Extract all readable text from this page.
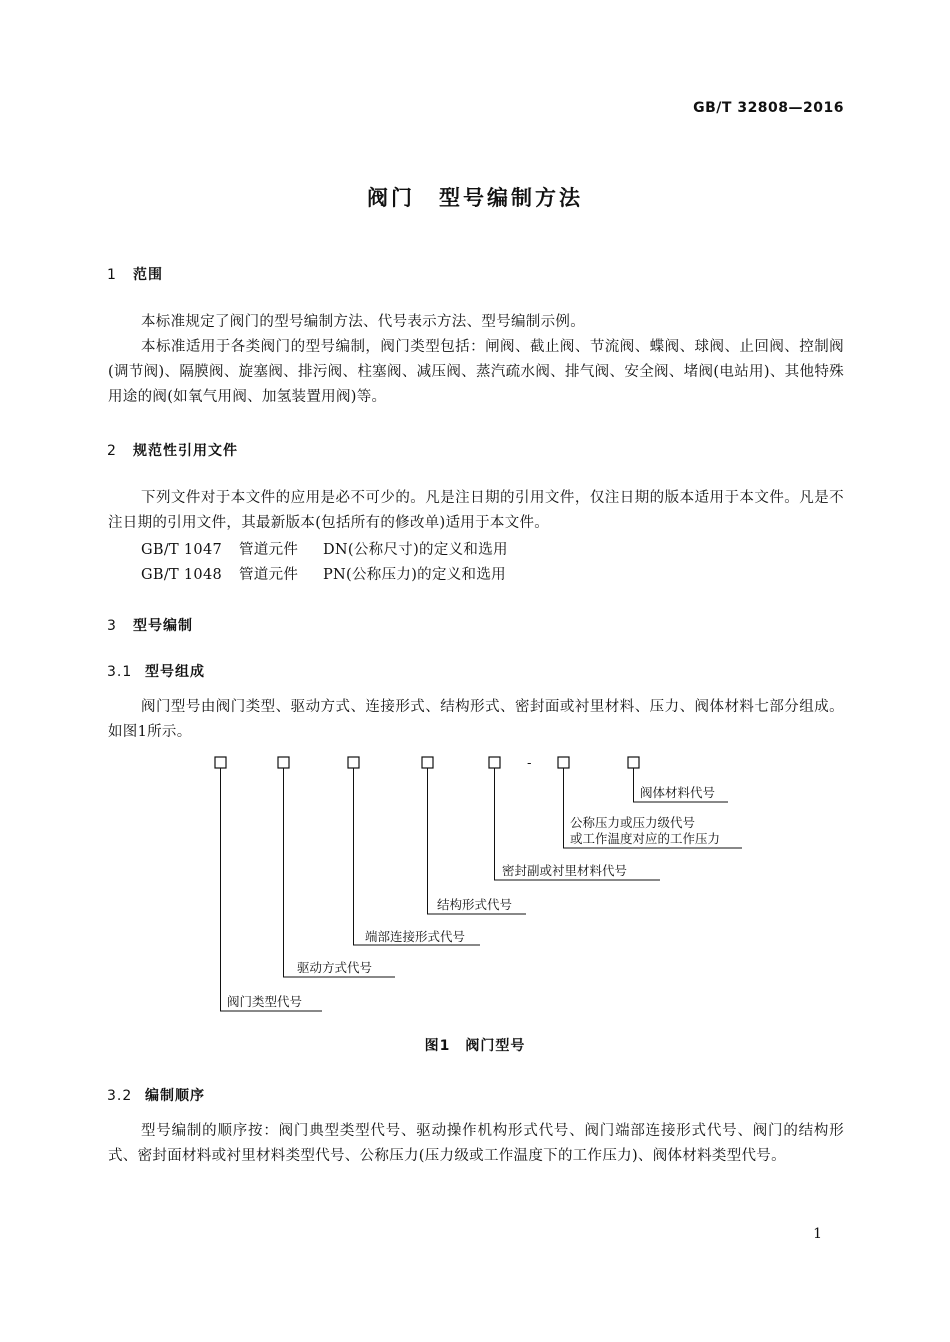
GB/T 32808—2016
阀门　型号编制方法
1 范围
本标准规定了阀门的型号编制方法、代号表示方法、型号编制示例。
本标准适用于各类阀门的型号编制，阀门类型包括：闸阀、截止阀、节流阀、蝶阀、球阀、止回阀、控制阀(调节阀)、隔膜阀、旋塞阀、排污阀、柱塞阀、减压阀、蒸汽疏水阀、排气阀、安全阀、堵阀(电站用)、其他特殊用途的阀(如氧气用阀、加氢装置用阀)等。
2 规范性引用文件
下列文件对于本文件的应用是必不可少的。凡是注日期的引用文件，仅注日期的版本适用于本文件。凡是不注日期的引用文件，其最新版本(包括所有的修改单)适用于本文件。
GB/T 1047 管道元件 DN(公称尺寸)的定义和选用
GB/T 1048 管道元件 PN(公称压力)的定义和选用
3 型号编制
3.1 型号组成
阀门型号由阀门类型、驱动方式、连接形式、结构形式、密封面或衬里材料、压力、阀体材料七部分组成。如图1所示。
-
阀体材料代号
公称压力或压力级代号
或工作温度对应的工作压力
密封副或衬里材料代号
结构形式代号
端部连接形式代号
驱动方式代号
阀门类型代号
图1　阀门型号
3.2 编制顺序
型号编制的顺序按：阀门典型类型代号、驱动操作机构形式代号、阀门端部连接形式代号、阀门的结构形式、密封面材料或衬里材料类型代号、公称压力(压力级或工作温度下的工作压力)、阀体材料类型代号。
1
